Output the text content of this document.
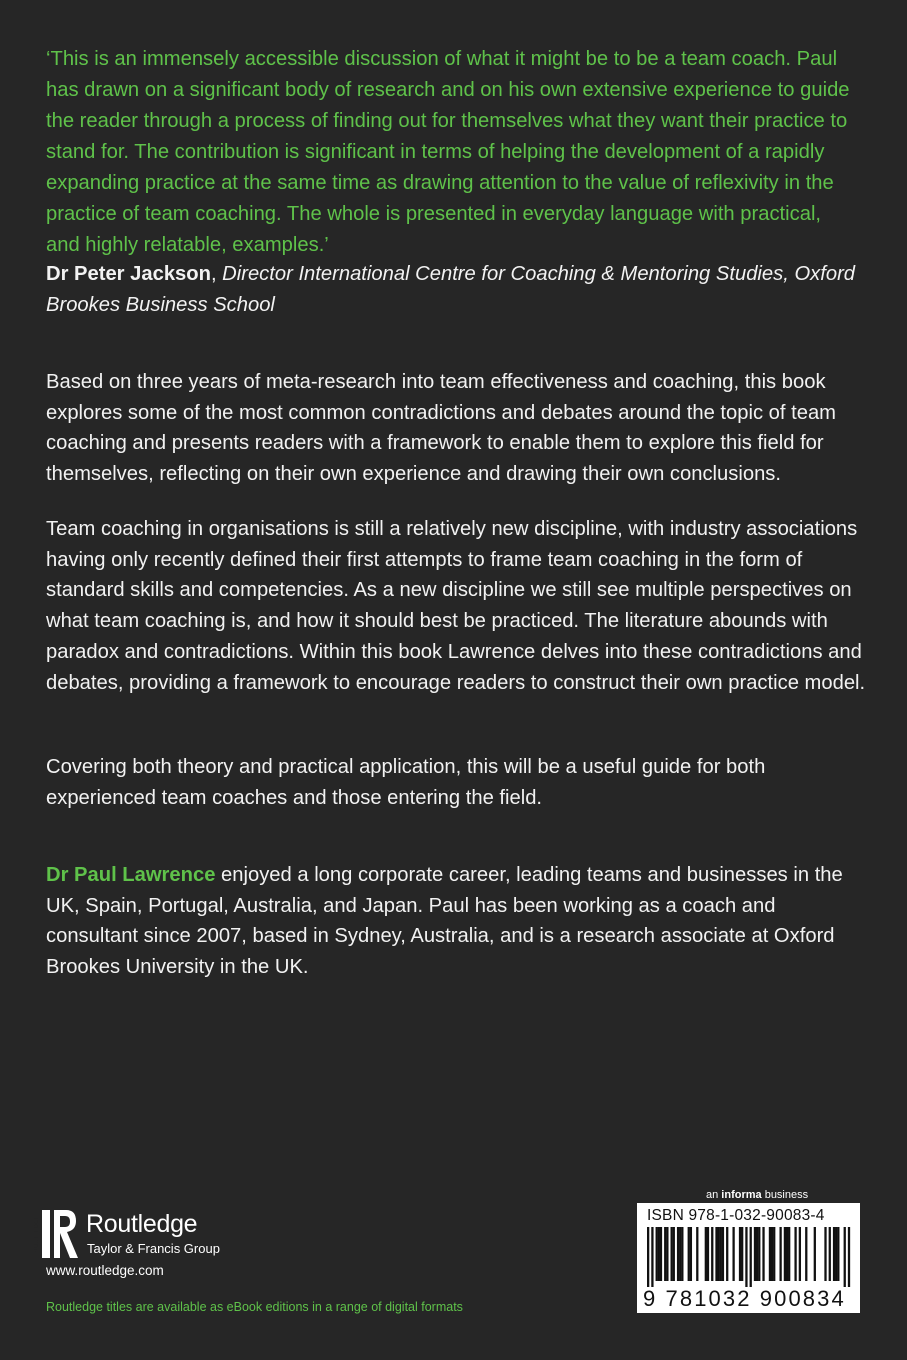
‘This is an immensely accessible discussion of what it might be to be a team coach. Paul has drawn on a significant body of research and on his own extensive experience to guide the reader through a process of finding out for themselves what they want their practice to stand for. The contribution is significant in terms of helping the development of a rapidly expanding practice at the same time as drawing attention to the value of reflexivity in the practice of team coaching. The whole is presented in everyday language with practical, and highly relatable, examples.’

Dr Peter Jackson, Director International Centre for Coaching & Mentoring Studies, Oxford Brookes Business School

Based on three years of meta-research into team effectiveness and coaching, this book explores some of the most common contradictions and debates around the topic of team coaching and presents readers with a framework to enable them to explore this field for themselves, reflecting on their own experience and drawing their own conclusions.

Team coaching in organisations is still a relatively new discipline, with industry associations having only recently defined their first attempts to frame team coaching in the form of standard skills and competencies. As a new discipline we still see multiple perspectives on what team coaching is, and how it should best be practiced. The literature abounds with paradox and contradictions. Within this book Lawrence delves into these contradictions and debates, providing a framework to encourage readers to construct their own practice model.

Covering both theory and practical application, this will be a useful guide for both experienced team coaches and those entering the field.

Dr Paul Lawrence enjoyed a long corporate career, leading teams and businesses in the UK, Spain, Portugal, Australia, and Japan. Paul has been working as a coach and consultant since 2007, based in Sydney, Australia, and is a research associate at Oxford Brookes University in the UK.

ROUTLEDGE Routledge
Taylor & Francis Group
www.routledge.com
Routledge titles are available as eBook editions in a range of digital formats
an informa business
ISBN 978-1-032-90083-4
9 781032 900834
